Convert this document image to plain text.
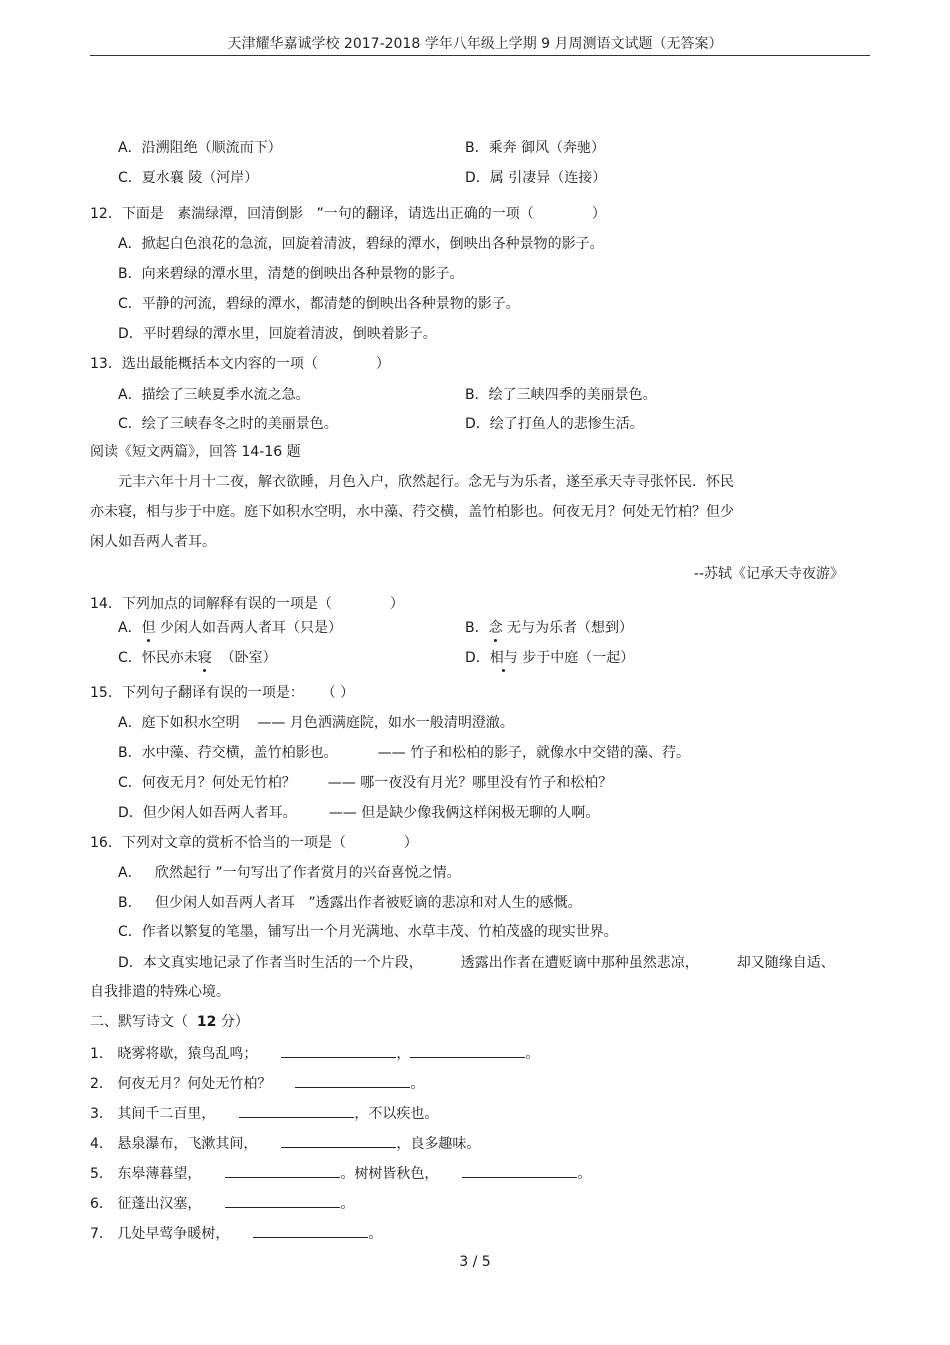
天津耀华嘉诚学校 2017-2018 学年八年级上学期 9 月周测语文试题（无答案）
A．沿溯阻绝（顺流而下）	B．乘奔 御风（奔驰）
C．夏水襄 陵（河岸）	D．属 引凄异（连接）
12．下面是 素湍绿潭，回清倒影 ”一句的翻译，请选出正确的一项（	）
A．掀起白色浪花的急流，回旋着清波，碧绿的潭水，倒映出各种景物的影子。
B．向来碧绿的潭水里，清楚的倒映出各种景物的影子。
C．平静的河流，碧绿的潭水，都清楚的倒映出各种景物的影子。
D．平时碧绿的潭水里，回旋着清波，倒映着影子。
13．选出最能概括本文内容的一项（	）
A．描绘了三峡夏季水流之急。	B．绘了三峡四季的美丽景色。
C．绘了三峡春冬之时的美丽景色。	D．绘了打鱼人的悲惨生活。
阅读《短文两篇》，回答 14-16 题
元丰六年十月十二夜，解衣欲睡，月色入户，欣然起行。念无与为乐者，遂至承天寺寻张怀民．怀民
亦未寝，相与步于中庭。庭下如积水空明，水中藻、荇交横，盖竹柏影也。何夜无月？何处无竹柏？但少
闲人如吾两人者耳。
--苏轼《记承天寺夜游》
14．下列加点的词解释有误的一项是（	）
A．但 少闲人如吾两人者耳（只是）	B．念 无与为乐者（想到）
C．怀民亦未寝 （卧室）	D．相与 步于中庭（一起）
15．下列句子翻译有误的一项是： （ ）
A．庭下如积水空明 —— 月色洒满庭院，如水一般清明澄澈。
B．水中藻、荇交横，盖竹柏影也。	—— 竹子和松柏的影子，就像水中交错的藻、荇。
C．何夜无月？何处无竹柏？ —— 哪一夜没有月光？哪里没有竹子和松柏？
D．但少闲人如吾两人者耳。 —— 但是缺少像我俩这样闲极无聊的人啊。
16．下列对文章的赏析不恰当的一项是（	）
A． 欣然起行 ”一句写出了作者赏月的兴奋喜悦之情。
B． 但少闲人如吾两人者耳 ”透露出作者被贬谪的悲凉和对人生的感慨。
C．作者以繁复的笔墨，铺写出一个月光满地、水草丰茂、竹柏茂盛的现实世界。
D．本文真实地记录了作者当时生活的一个片段，	透露出作者在遭贬谪中那种虽然悲凉，	却又随缘自适、
自我排遣的特殊心境。
二、默写诗文（ 12 分）
1． 晓雾将歇，猿鸟乱鸣；	，	。
2． 何夜无月？何处无竹柏？	。
3． 其间千二百里，	，不以疾也。
4． 悬泉瀑布，飞漱其间，	，良多趣味。
5． 东皋薄暮望，	。树树皆秋色，	。
6． 征蓬出汉塞，	。
7． 几处早莺争暖树，	。
3 / 5
